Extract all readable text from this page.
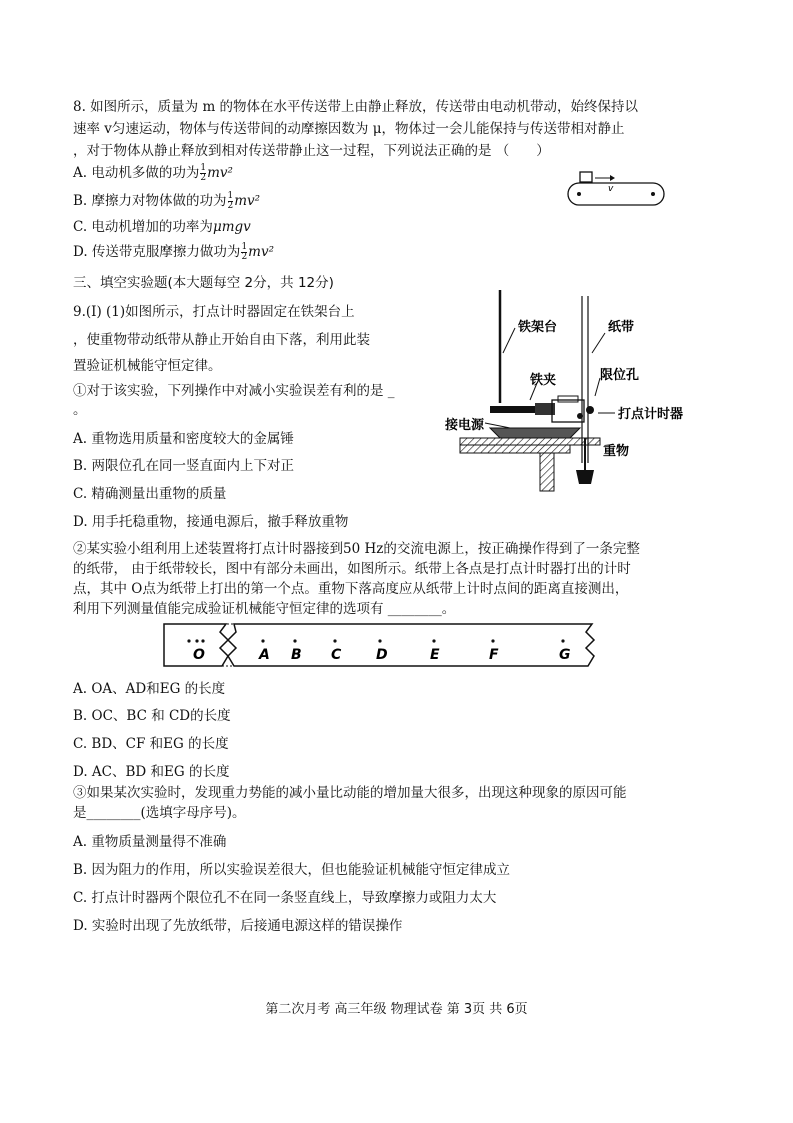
8. 如图所示，质量为 m 的物体在水平传送带上由静止释放，传送带由电动机带动，始终保持以
速率 v匀速运动，物体与传送带间的动摩擦因数为 μ，物体过一会儿能保持与传送带相对静止
，对于物体从静止释放到相对传送带静止这一过程，下列说法正确的是 （　　）
A. 电动机多做的功为 $\frac{1}{2} mv^2$
B. 摩擦力对物体做的功为 $\frac{1}{2} mv^2$
C. 电动机增加的功率为μmgv
D. 传送带克服摩擦力做功为 $\frac{1}{2} mv^2$
v
三、填空实验题(本大题每空 2分，共 12分)
9.(Ⅰ) (1)如图所示，打点计时器固定在铁架台上
，使重物带动纸带从静止开始自由下落，利用此装
置验证机械能守恒定律。
①对于该实验，下列操作中对减小实验误差有利的是 _
。
A. 重物选用质量和密度较大的金属锤
B. 两限位孔在同一竖直面内上下对正
C. 精确测量出重物的质量
D. 用手托稳重物，接通电源后，撤手释放重物
铁架台	纸带
限位孔
铁夹
打点计时器
接电源
重物
②某实验小组利用上述装置将打点计时器接到50 Hz的交流电源上，按正确操作得到了一条完整
的纸带， 由于纸带较长，图中有部分未画出，如图所示。纸带上各点是打点计时器打出的计时
点，其中 O点为纸带上打出的第一个点。重物下落高度应从纸带上计时点间的距离直接测出，
利用下列测量值能完成验证机械能守恒定律的选项有 ________。
O	A B C D	E	F	G
A. OA、AD和EG 的长度
B. OC、BC 和 CD的长度
C. BD、CF 和EG 的长度
D. AC、BD 和EG 的长度
③如果某次实验时，发现重力势能的减小量比动能的增加量大很多，出现这种现象的原因可能
是________(选填字母序号)。
A. 重物质量测量得不准确
B. 因为阻力的作用，所以实验误差很大，但也能验证机械能守恒定律成立
C. 打点计时器两个限位孔不在同一条竖直线上，导致摩擦力或阻力太大
D. 实验时出现了先放纸带，后接通电源这样的错误操作
第二次月考 高三年级 物理试卷 第 3页 共 6页
